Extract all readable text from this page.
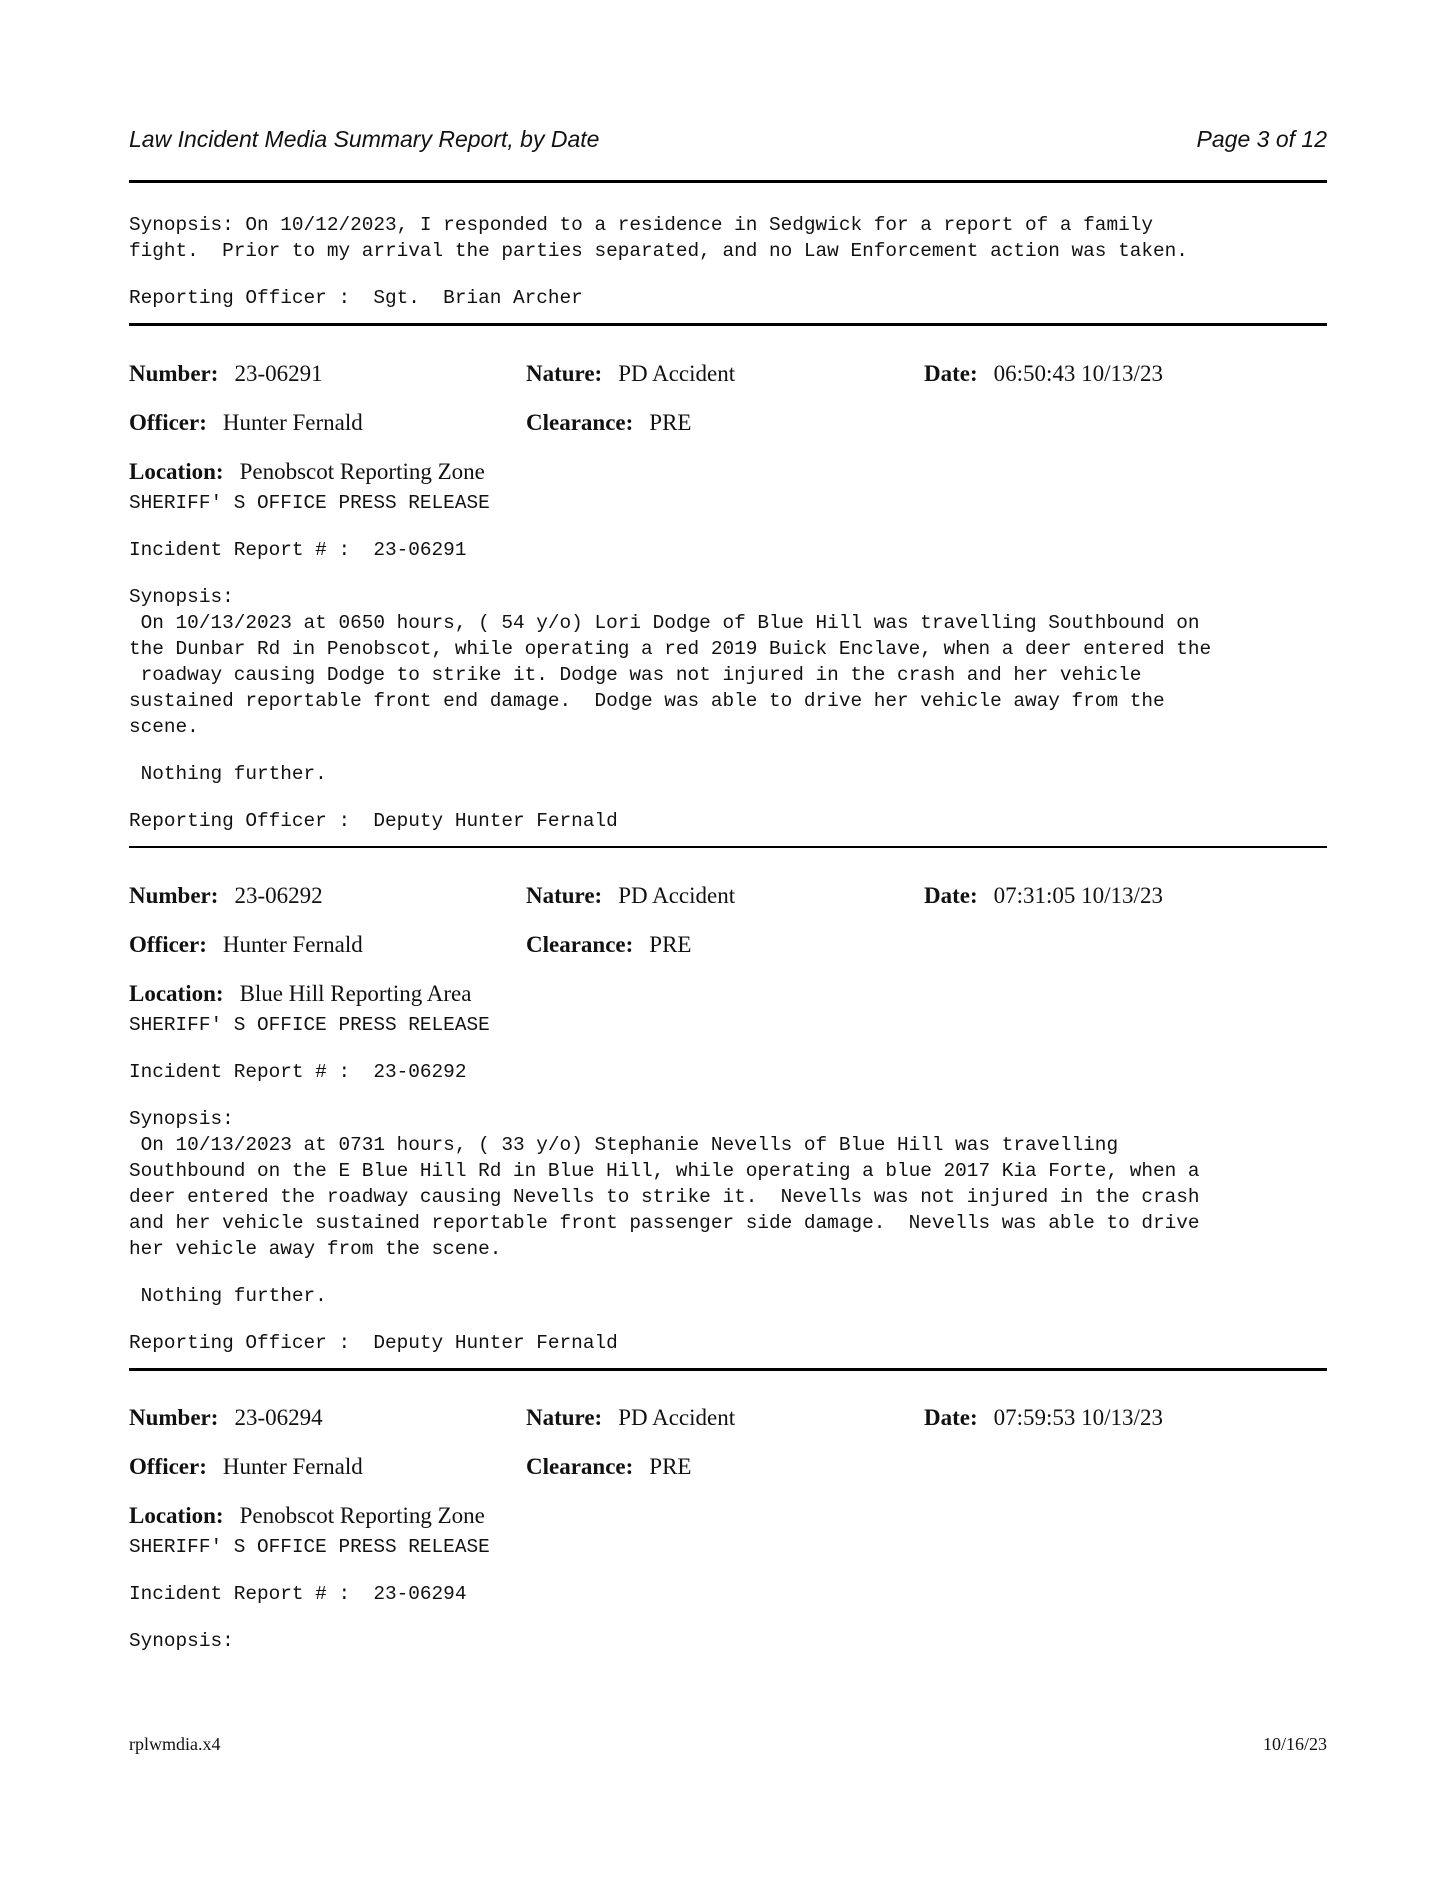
Law Incident Media Summary Report, by Date	Page 3 of 12
Synopsis: On 10/12/2023, I responded to a residence in Sedgwick for a report of a family
fight.  Prior to my arrival the parties separated, and no Law Enforcement action was taken.
Reporting Officer :  Sgt.  Brian Archer
Number: 23-06291	Nature: PD Accident	Date: 06:50:43 10/13/23
Officer: Hunter Fernald	Clearance: PRE
Location: Penobscot Reporting Zone
SHERIFF' S OFFICE PRESS RELEASE
Incident Report # :  23-06291
Synopsis:
On 10/13/2023 at 0650 hours, ( 54 y/o) Lori Dodge of Blue Hill was travelling Southbound on
the Dunbar Rd in Penobscot, while operating a red 2019 Buick Enclave, when a deer entered the
roadway causing Dodge to strike it. Dodge was not injured in the crash and her vehicle
sustained reportable front end damage.  Dodge was able to drive her vehicle away from the
scene.
Nothing further.
Reporting Officer :  Deputy Hunter Fernald
Number: 23-06292	Nature: PD Accident	Date: 07:31:05 10/13/23
Officer: Hunter Fernald	Clearance: PRE
Location: Blue Hill Reporting Area
SHERIFF' S OFFICE PRESS RELEASE
Incident Report # :  23-06292
Synopsis:
On 10/13/2023 at 0731 hours, ( 33 y/o) Stephanie Nevells of Blue Hill was travelling
Southbound on the E Blue Hill Rd in Blue Hill, while operating a blue 2017 Kia Forte, when a
deer entered the roadway causing Nevells to strike it.  Nevells was not injured in the crash
and her vehicle sustained reportable front passenger side damage.  Nevells was able to drive
her vehicle away from the scene.
Nothing further.
Reporting Officer :  Deputy Hunter Fernald
Number: 23-06294	Nature: PD Accident	Date: 07:59:53 10/13/23
Officer: Hunter Fernald	Clearance: PRE
Location: Penobscot Reporting Zone
SHERIFF' S OFFICE PRESS RELEASE
Incident Report # :  23-06294
Synopsis:
rplwmdia.x4	10/16/23
